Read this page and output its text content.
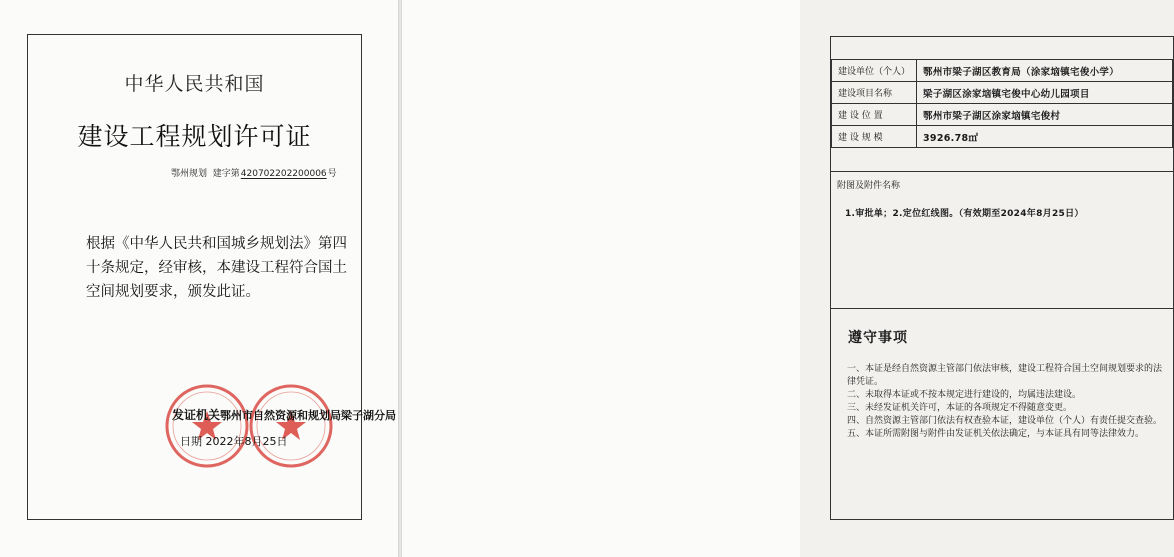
中华人民共和国
建设工程规划许可证
鄂州规划 建字第420702202200006号
根据《中华人民共和国城乡规划法》第四十条规定，经审核，本建设工程符合国土空间规划要求，颁发此证。
发证机关鄂州市自然资源和规划局梁子湖分局
日期 2022年8月25日
建设单位（个人）	鄂州市梁子湖区教育局（涂家垴镇宅俊小学）
建设项目名称	梁子湖区涂家垴镇宅俊中心幼儿园项目
建 设 位 置	鄂州市梁子湖区涂家垴镇宅俊村
建 设 规 模	3926.78㎡
附图及附件名称
1.审批单；2.定位红线图。（有效期至2024年8月25日）
遵守事项
一、本证是经自然资源主管部门依法审核，建设工程符合国土空间规划要求的法律凭证。
二、未取得本证或不按本规定进行建设的，均属违法建设。
三、未经发证机关许可，本证的各项规定不得随意变更。
四、自然资源主管部门依法有权查验本证，建设单位（个人）有责任提交查验。
五、本证所需附图与附件由发证机关依法确定，与本证具有同等法律效力。
